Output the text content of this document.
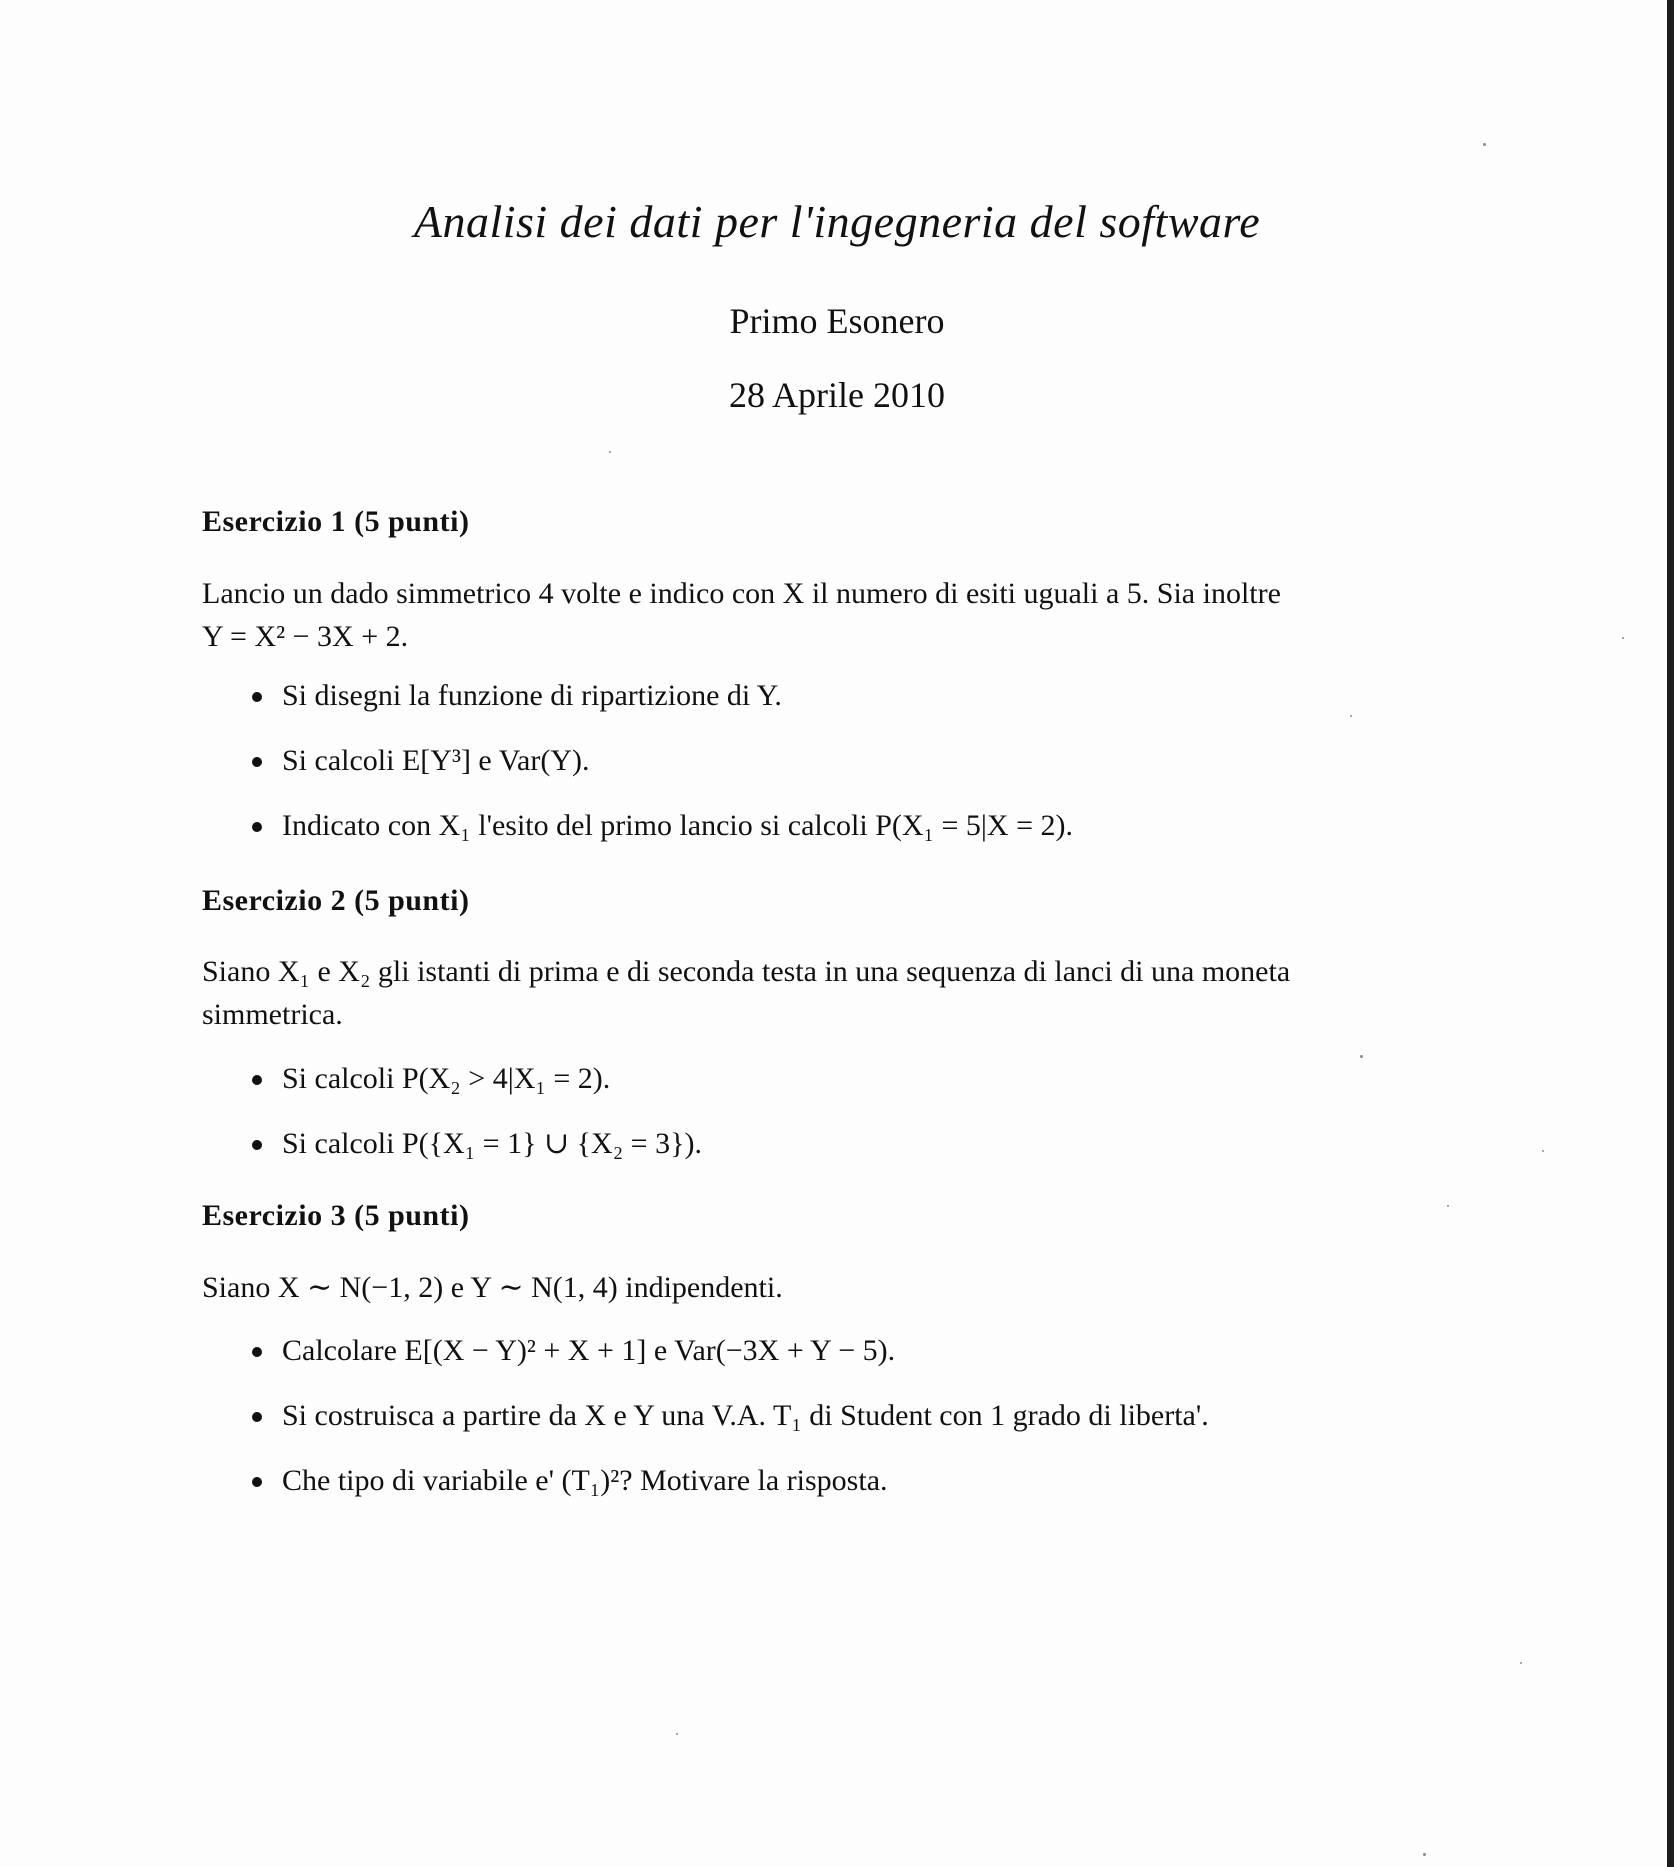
Analisi dei dati per l'ingegneria del software
Primo Esonero
28 Aprile 2010
Esercizio 1 (5 punti)
Lancio un dado simmetrico 4 volte e indico con X il numero di esiti uguali a 5. Sia inoltre
Y = X² − 3X + 2.
Si disegni la funzione di ripartizione di Y.
Si calcoli E[Y³] e Var(Y).
Indicato con X₁ l'esito del primo lancio si calcoli P(X₁ = 5|X = 2).
Esercizio 2 (5 punti)
Siano X₁ e X₂ gli istanti di prima e di seconda testa in una sequenza di lanci di una moneta
simmetrica.
Si calcoli P(X₂ > 4|X₁ = 2).
Si calcoli P({X₁ = 1} ∪ {X₂ = 3}).
Esercizio 3 (5 punti)
Siano X ∼ N(−1, 2) e Y ∼ N(1, 4) indipendenti.
Calcolare E[(X − Y)² + X + 1] e Var(−3X + Y − 5).
Si costruisca a partire da X e Y una V.A. T₁ di Student con 1 grado di liberta'.
Che tipo di variabile e' (T₁)²? Motivare la risposta.
